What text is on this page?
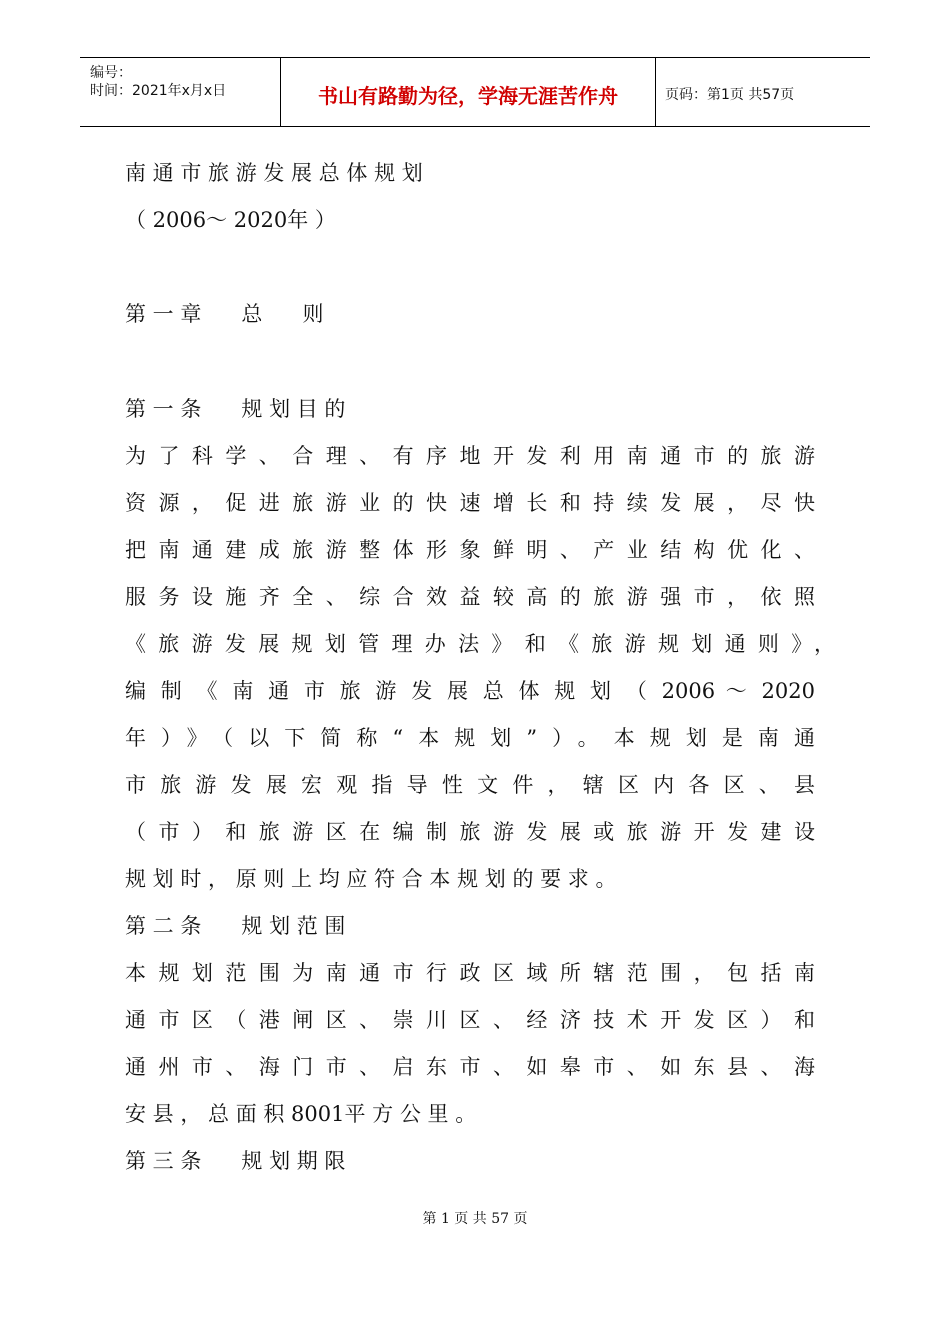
编号：
时间：2021年x月x日	书山有路勤为径，学海无涯苦作舟	页码：第1页 共57页
南 通 市 旅 游 发 展 总 体 规 划
（ 2006～ 2020年 ）
第 一 章      总      则
第 一 条      规 划 目 的
为了科学、合理、有序地开发利用南通市的旅游
资源，促进旅游业的快速增长和持续发展，尽快
把南通建成旅游整体形象鲜明、产业结构优化、
服务设施齐全、综合效益较高的旅游强市，依照
《旅游发展规划管理办法》和《旅游规划通则》，
编 制 《 南 通 市 旅 游 发 展 总 体 规 划 （ 2006 ～ 2020
年）》（以下简称“本规划”）。本规划是南通
市旅游发展宏观指导性文件，辖区内各区、县
（市）和旅游区在编制旅游发展或旅游开发建设
规 划 时 ， 原 则 上 均 应 符 合 本 规 划 的 要 求 。
第 二 条      规 划 范 围
本规划范围为南通市行政区域所辖范围，包括南
通市区（港闸区、崇川区、经济技术开发区）和
通州市、海门市、启东市、如皋市、如东县、海
安 县 ， 总 面 积 8001平 方 公 里 。
第 三 条      规 划 期 限
第 1 页 共 57 页
